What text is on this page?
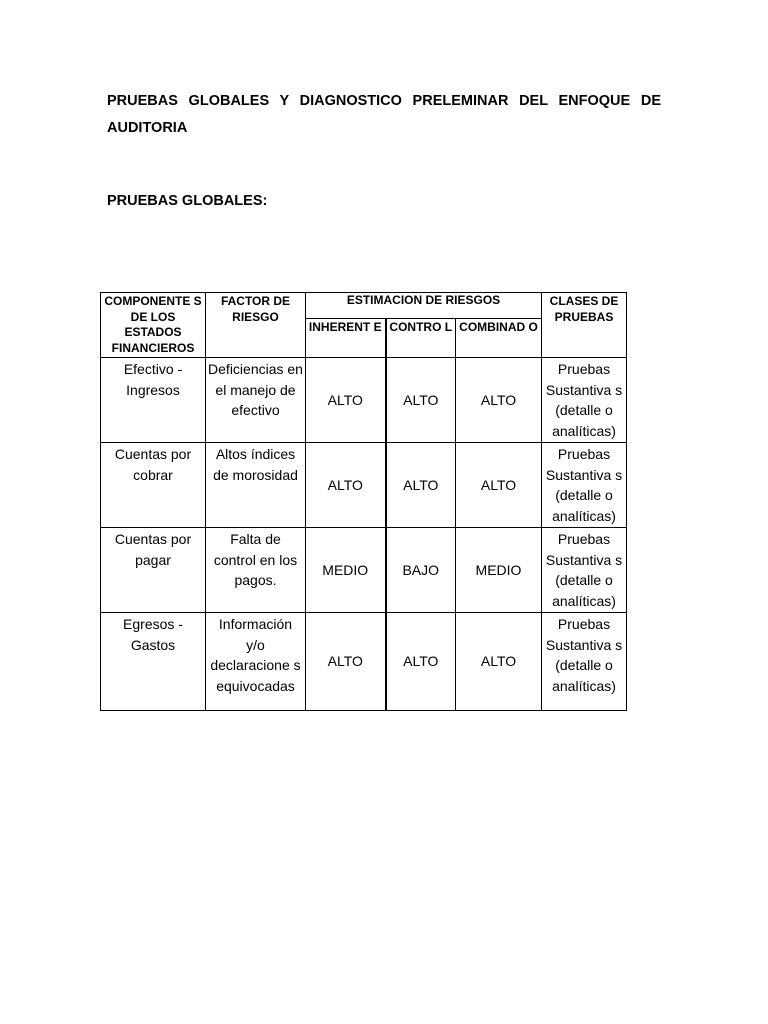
PRUEBAS GLOBALES Y DIAGNOSTICO PRELEMINAR DEL ENFOQUE DE AUDITORIA
PRUEBAS GLOBALES:
COMPONENTE S DE LOS ESTADOS FINANCIEROS	FACTOR DE RIESGO	ESTIMACION DE RIESGOS			CLASES DE PRUEBAS
		INHERENT E	CONTRO L	COMBINAD O	
Efectivo - Ingresos	Deficiencias en el manejo de efectivo	ALTO	ALTO	ALTO	Pruebas Sustantiva s (detalle o analíticas)
Cuentas por cobrar	Altos índices de morosidad	ALTO	ALTO	ALTO	Pruebas Sustantiva s (detalle o analíticas)
Cuentas por pagar	Falta de control en los pagos.	MEDIO	BAJO	MEDIO	Pruebas Sustantiva s (detalle o analíticas)
Egresos - Gastos	Información y/o declaracione s equivocadas	ALTO	ALTO	ALTO	Pruebas Sustantiva s (detalle o analíticas)
